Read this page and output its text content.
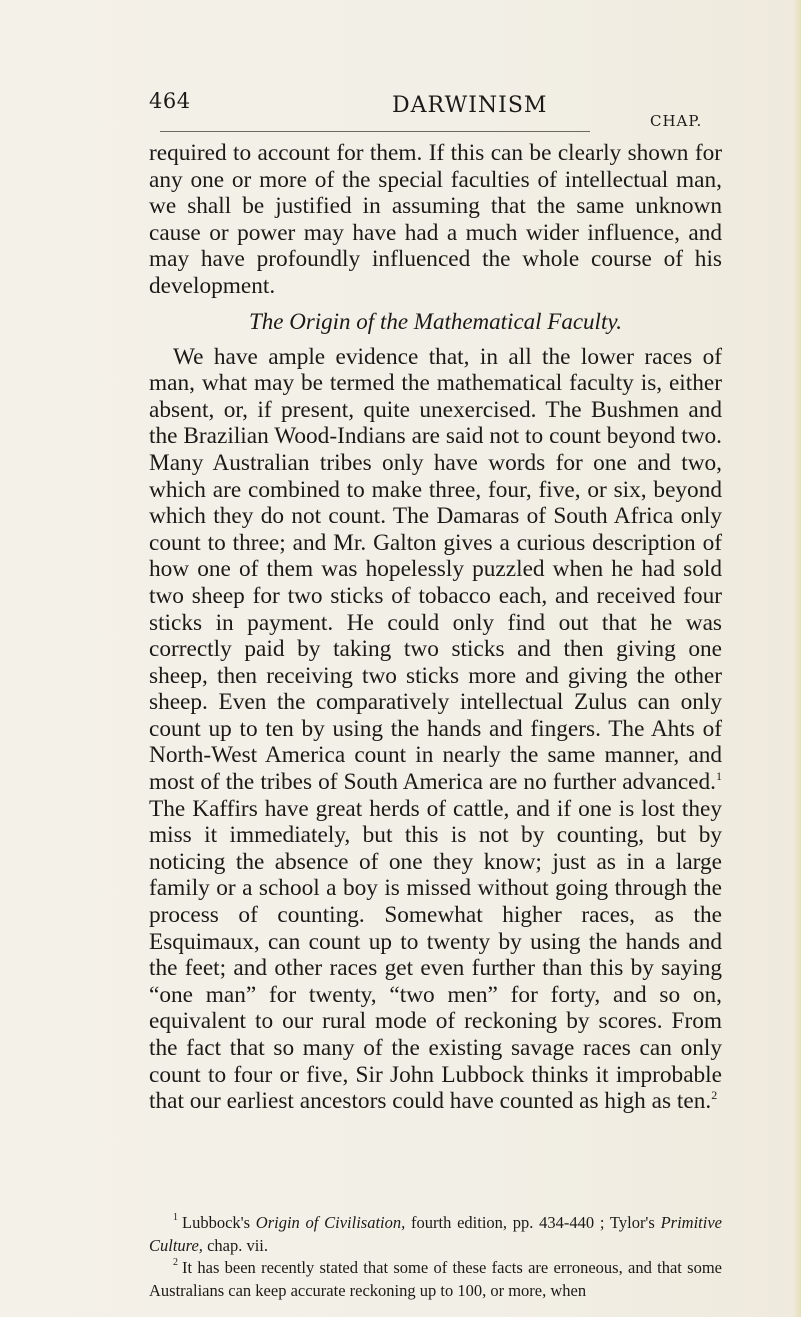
464	DARWINISM
CHAP.

required to account for them. If this can be clearly shown for any one or more of the special faculties of intellectual man, we shall be justified in assuming that the same unknown cause or power may have had a much wider influence, and may have profoundly influenced the whole course of his development.

The Origin of the Mathematical Faculty.

We have ample evidence that, in all the lower races of man, what may be termed the mathematical faculty is, either absent, or, if present, quite unexercised. The Bushmen and the Brazilian Wood-Indians are said not to count beyond two. Many Australian tribes only have words for one and two, which are combined to make three, four, five, or six, beyond which they do not count. The Damaras of South Africa only count to three; and Mr. Galton gives a curious description of how one of them was hopelessly puzzled when he had sold two sheep for two sticks of tobacco each, and received four sticks in payment. He could only find out that he was correctly paid by taking two sticks and then giving one sheep, then receiving two sticks more and giving the other sheep. Even the comparatively intellectual Zulus can only count up to ten by using the hands and fingers. The Ahts of North-West America count in nearly the same manner, and most of the tribes of South America are no further advanced.$^1$ The Kaffirs have great herds of cattle, and if one is lost they miss it immediately, but this is not by counting, but by noticing the absence of one they know; just as in a large family or a school a boy is missed without going through the process of counting. Somewhat higher races, as the Esquimaux, can count up to twenty by using the hands and the feet; and other races get even further than this by saying “one man” for twenty, “two men” for forty, and so on, equivalent to our rural mode of reckoning by scores. From the fact that so many of the existing savage races can only count to four or five, Sir John Lubbock thinks it improbable that our earliest ancestors could have counted as high as ten.$^2$

$^1$ Lubbock's Origin of Civilisation, fourth edition, pp. 434-440 ; Tylor's Primitive Culture, chap. vii.

$^2$ It has been recently stated that some of these facts are erroneous, and that some Australians can keep accurate reckoning up to 100, or more, when
